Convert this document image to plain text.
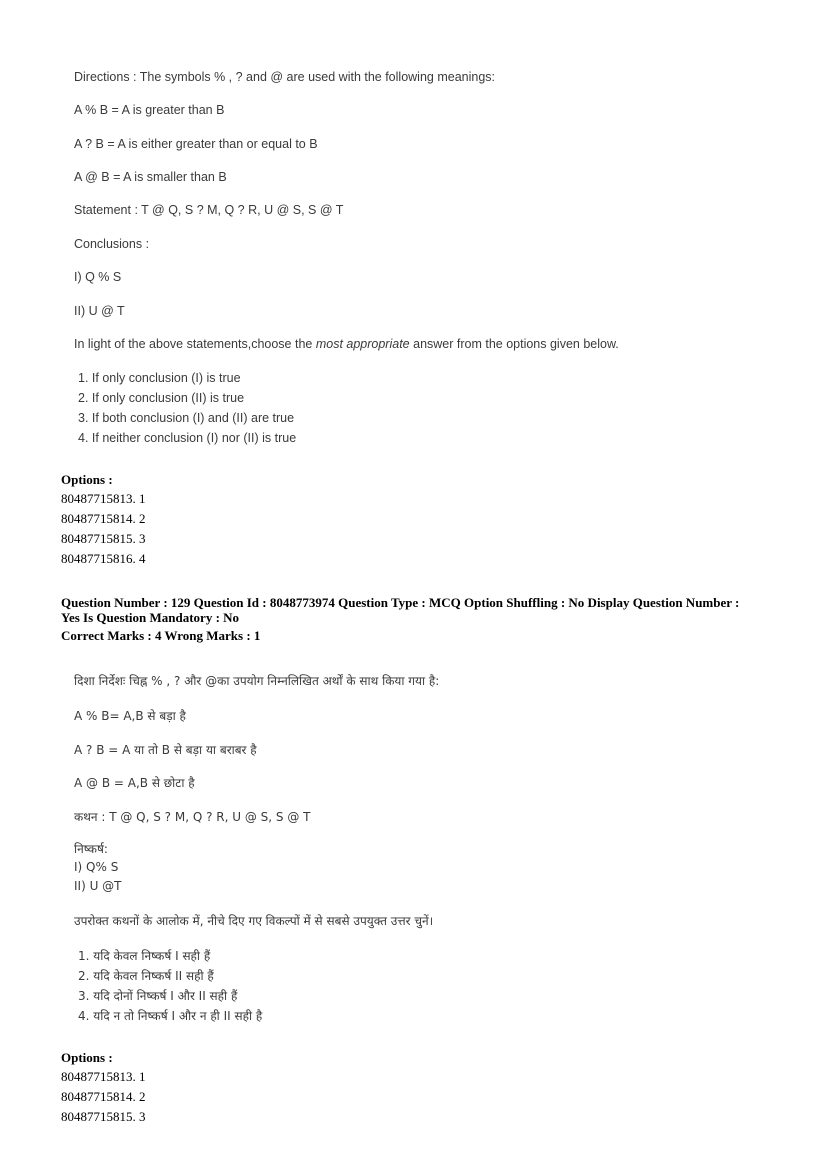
Directions : The symbols % , ? and @ are used with the following meanings:
A % B = A is greater than B
A ? B = A is either greater than or equal to B
A @ B = A is smaller than B
Statement : T @ Q, S ? M, Q ? R, U @ S, S @ T
Conclusions :
I) Q % S
II) U @ T
In light of the above statements,choose the most appropriate answer from the options given below.
1. If only conclusion (I) is true
2. If only conclusion (II) is true
3. If both conclusion (I) and (II) are true
4. If neither conclusion (I) nor (II) is true
Options :
80487715813. 1
80487715814. 2
80487715815. 3
80487715816. 4
Question Number : 129 Question Id : 8048773974 Question Type : MCQ Option Shuffling : No Display Question Number :
Yes Is Question Mandatory : No
Correct Marks : 4 Wrong Marks : 1
दिशा निर्देशः चिह्न % , ? और @का उपयोग निम्नलिखित अर्थों के साथ किया गया है:
A % B= A,B से बड़ा है
A ? B = A या तो B से बड़ा या बराबर है
A @ B = A,B से छोटा है
कथन : T @ Q, S ? M, Q ? R, U @ S, S @ T
निष्कर्ष:
I) Q% S
II) U @T
उपरोक्त कथनों के आलोक में, नीचे दिए गए विकल्पों में से सबसे उपयुक्त उत्तर चुनें।
1. यदि केवल निष्कर्ष I सही हैं
2. यदि केवल निष्कर्ष II सही हैं
3. यदि दोनों निष्कर्ष I और II सही हैं
4. यदि न तो निष्कर्ष I और न ही II सही है
Options :
80487715813. 1
80487715814. 2
80487715815. 3
